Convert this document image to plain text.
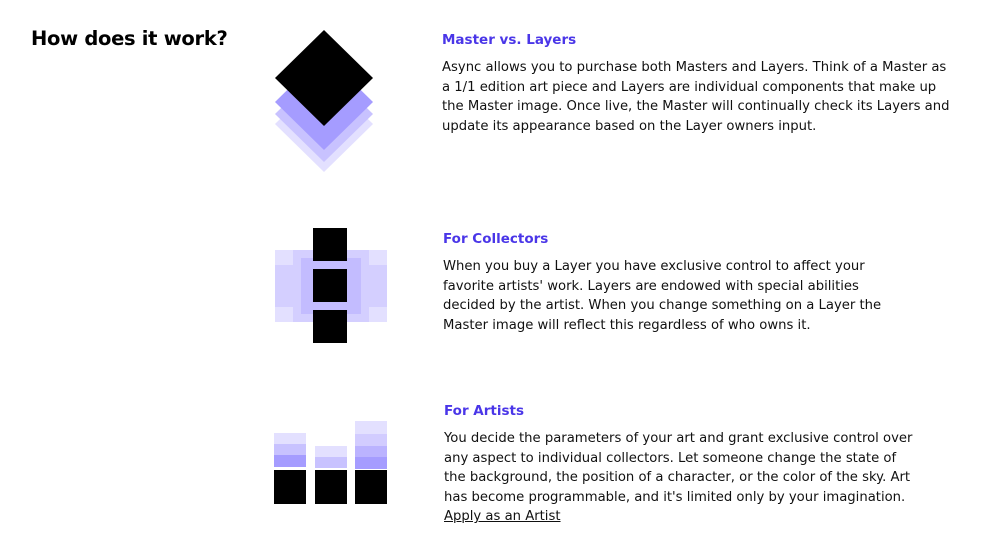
How does it work?	Master vs. Layers

Async allows you to purchase both Masters and Layers. Think of a Master as a 1/1 edition art piece and Layers are individual components that make up the Master image. Once live, the Master will continually check its Layers and update its appearance based on the Layer owners input.

For Collectors

When you buy a Layer you have exclusive control to affect your favorite artists' work. Layers are endowed with special abilities decided by the artist. When you change something on a Layer the Master image will reflect this regardless of who owns it.

For Artists

You decide the parameters of your art and grant exclusive control over any aspect to individual collectors. Let someone change the state of the background, the position of a character, or the color of the sky. Art has become programmable, and it's limited only by your imagination. Apply as an Artist
